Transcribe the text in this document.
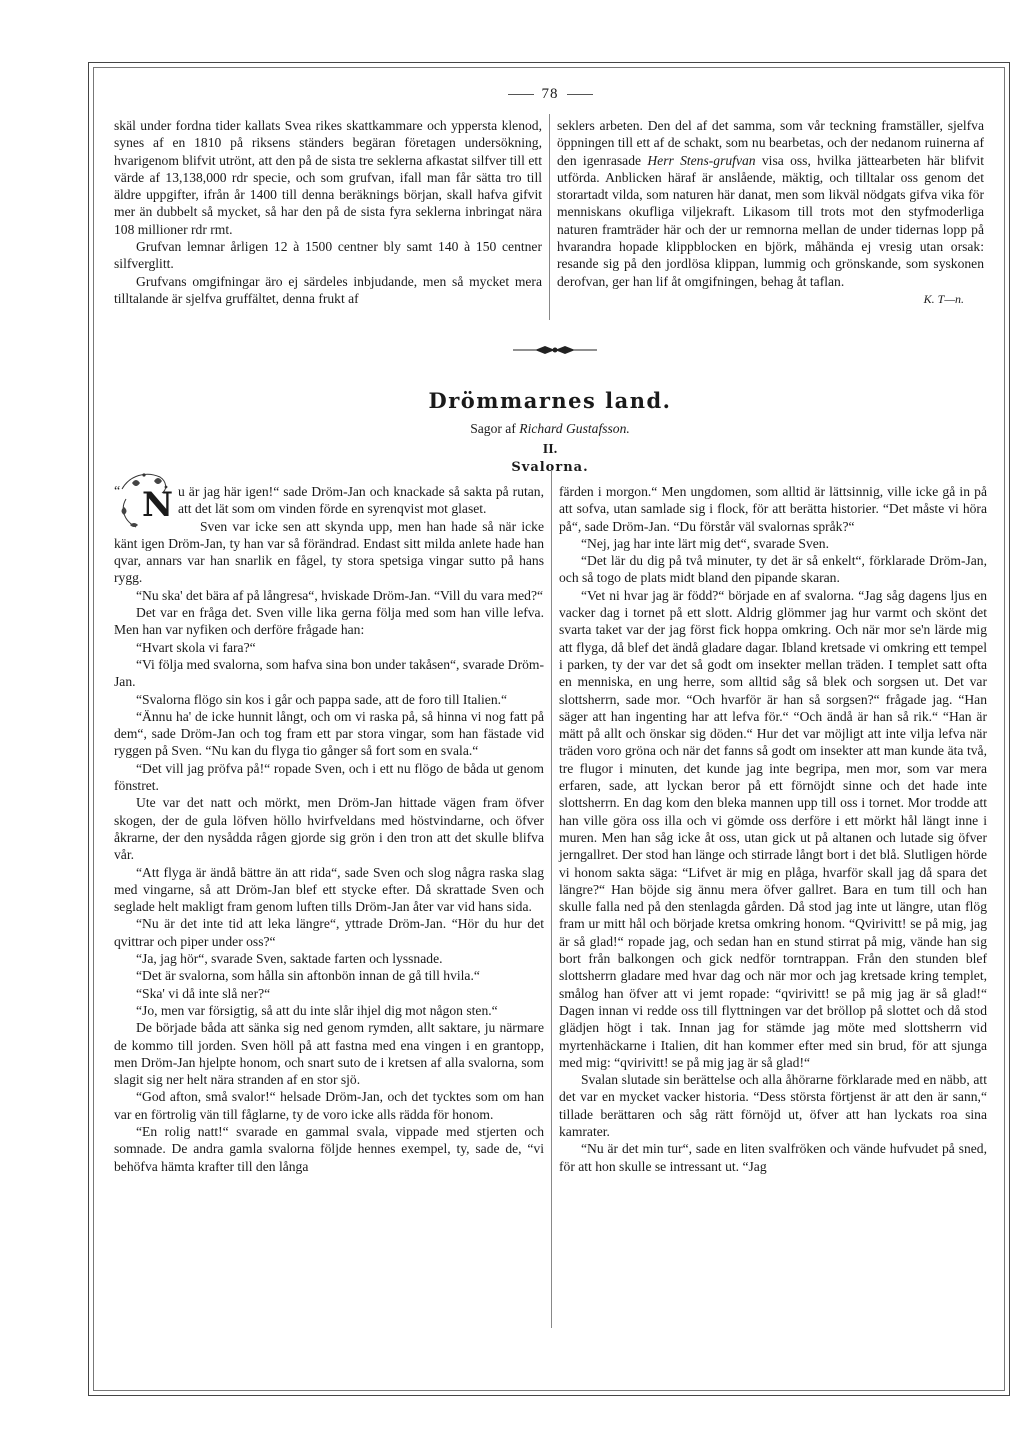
78

skäl under fordna tider kallats Svea rikes skattkammare och yppersta klenod, synes af en 1810 på riksens ständers begäran företagen undersökning, hvarigenom blifvit utrönt, att den på de sista tre seklerna afkastat silfver till ett värde af 13,138,000 rdr specie, och som grufvan, ifall man får sätta tro till äldre uppgifter, ifrån år 1400 till denna beräknings början, skall hafva gifvit mer än dubbelt så mycket, så har den på de sista fyra seklerna inbringat nära 108 millioner rdr rmt.

Grufvan lemnar årligen 12 à 1500 centner bly samt 140 à 150 centner silfverglitt.

Grufvans omgifningar äro ej särdeles inbjudande, men så mycket mera tilltalande är sjelfva gruffältet, denna frukt af

seklers arbeten. Den del af det samma, som vår teckning framställer, sjelfva öppningen till ett af de schakt, som nu bearbetas, och der nedanom ruinerna af den igenrasade Herr Stens-grufvan visa oss, hvilka jättearbeten här blifvit utförda. Anblicken häraf är anslående, mäktig, och tilltalar oss genom det storartadt vilda, som naturen här danat, men som likväl nödgats gifva vika för menniskans okufliga viljekraft. Likasom till trots mot den styfmoderliga naturen framträder här och der ur remnorna mellan de under tidernas lopp på hvarandra hopade klippblocken en björk, måhända ej vresig utan orsak: resande sig på den jordlösa klippan, lummig och grönskande, som syskonen derofvan, ger han lif åt omgifningen, behag åt taflan.

K. T—n.
Drömmarnes land.
Sagor af Richard Gustafsson.
II.
Svalorna.
“ N u är jag här igen!“ sade Dröm-Jan och knackade så sakta på rutan, att det lät som om vinden förde en syrenqvist mot glaset.

Sven var icke sen att skynda upp, men han hade så när icke känt igen Dröm-Jan, ty han var så förändrad. Endast sitt milda anlete hade han qvar, annars var han snarlik en fågel, ty stora spetsiga vingar sutto på hans rygg.

“Nu ska' det bära af på långresa“, hviskade Dröm-Jan. “Vill du vara med?“

Det var en fråga det. Sven ville lika gerna följa med som han ville lefva. Men han var nyfiken och derföre frågade han:

“Hvart skola vi fara?“

“Vi följa med svalorna, som hafva sina bon under takåsen“, svarade Dröm-Jan.

“Svalorna flögo sin kos i går och pappa sade, att de foro till Italien.“

“Ännu ha' de icke hunnit långt, och om vi raska på, så hinna vi nog fatt på dem“, sade Dröm-Jan och tog fram ett par stora vingar, som han fästade vid ryggen på Sven. “Nu kan du flyga tio gånger så fort som en svala.“

“Det vill jag pröfva på!“ ropade Sven, och i ett nu flögo de båda ut genom fönstret.

Ute var det natt och mörkt, men Dröm-Jan hittade vägen fram öfver skogen, der de gula löfven höllo hvirfveldans med höstvindarne, och öfver åkrarne, der den nysådda rågen gjorde sig grön i den tron att det skulle blifva vår.

“Att flyga är ändå bättre än att rida“, sade Sven och slog några raska slag med vingarne, så att Dröm-Jan blef ett stycke efter. Då skrattade Sven och seglade helt makligt fram genom luften tills Dröm-Jan åter var vid hans sida.

“Nu är det inte tid att leka längre“, yttrade Dröm-Jan. “Hör du hur det qvittrar och piper under oss?“

“Ja, jag hör“, svarade Sven, saktade farten och lyssnade.

“Det är svalorna, som hålla sin aftonbön innan de gå till hvila.“

“Ska' vi då inte slå ner?“

“Jo, men var försigtig, så att du inte slår ihjel dig mot någon sten.“

De började båda att sänka sig ned genom rymden, allt saktare, ju närmare de kommo till jorden. Sven höll på att fastna med ena vingen i en grantopp, men Dröm-Jan hjelpte honom, och snart suto de i kretsen af alla svalorna, som slagit sig ner helt nära stranden af en stor sjö.

“God afton, små svalor!“ helsade Dröm-Jan, och det tycktes som om han var en förtrolig vän till fåglarne, ty de voro icke alls rädda för honom.

“En rolig natt!“ svarade en gammal svala, vippade med stjerten och somnade. De andra gamla svalorna följde hennes exempel, ty, sade de, “vi behöfva hämta krafter till den långa

färden i morgon.“ Men ungdomen, som alltid är lättsinnig, ville icke gå in på att sofva, utan samlade sig i flock, för att berätta historier. “Det måste vi höra på“, sade Dröm-Jan. “Du förstår väl svalornas språk?“

“Nej, jag har inte lärt mig det“, svarade Sven.

“Det lär du dig på två minuter, ty det är så enkelt“, förklarade Dröm-Jan, och så togo de plats midt bland den pipande skaran.

“Vet ni hvar jag är född?“ började en af svalorna. “Jag såg dagens ljus en vacker dag i tornet på ett slott. Aldrig glömmer jag hur varmt och skönt det svarta taket var der jag först fick hoppa omkring. Och när mor se'n lärde mig att flyga, då blef det ändå gladare dagar. Ibland kretsade vi omkring ett tempel i parken, ty der var det så godt om insekter mellan träden. I templet satt ofta en menniska, en ung herre, som alltid såg så blek och sorgsen ut. Det var slottsherrn, sade mor. “Och hvarför är han så sorgsen?“ frågade jag. “Han säger att han ingenting har att lefva för.“ “Och ändå är han så rik.“ “Han är mätt på allt och önskar sig döden.“ Hur det var möjligt att inte vilja lefva när träden voro gröna och när det fanns så godt om insekter att man kunde äta två, tre flugor i minuten, det kunde jag inte begripa, men mor, som var mera erfaren, sade, att lyckan beror på ett förnöjdt sinne och det hade inte slottsherrn. En dag kom den bleka mannen upp till oss i tornet. Mor trodde att han ville göra oss illa och vi gömde oss derföre i ett mörkt hål längt inne i muren. Men han såg icke åt oss, utan gick ut på altanen och lutade sig öfver jerngallret. Der stod han länge och stirrade långt bort i det blå. Slutligen hörde vi honom sakta säga: “Lifvet är mig en plåga, hvarför skall jag då spara det längre?“ Han böjde sig ännu mera öfver gallret. Bara en tum till och han skulle falla ned på den stenlagda gården. Då stod jag inte ut längre, utan flög fram ur mitt hål och började kretsa omkring honom. “Qvirivitt! se på mig, jag är så glad!“ ropade jag, och sedan han en stund stirrat på mig, vände han sig bort från balkongen och gick nedför torntrappan. Från den stunden blef slottsherrn gladare med hvar dag och när mor och jag kretsade kring templet, smålog han öfver att vi jemt ropade: “qvirivitt! se på mig jag är så glad!“ Dagen innan vi redde oss till flyttningen var det bröllop på slottet och då stod glädjen högt i tak. Innan jag for stämde jag möte med slottsherrn vid myrtenhäckarne i Italien, dit han kommer efter med sin brud, för att sjunga med mig: “qvirivitt! se på mig jag är så glad!“

Svalan slutade sin berättelse och alla åhörarne förklarade med en näbb, att det var en mycket vacker historia. “Dess största förtjenst är att den är sann,“ tillade berättaren och såg rätt förnöjd ut, öfver att han lyckats roa sina kamrater.

“Nu är det min tur“, sade en liten svalfröken och vände hufvudet på sned, för att hon skulle se intressant ut. “Jag
